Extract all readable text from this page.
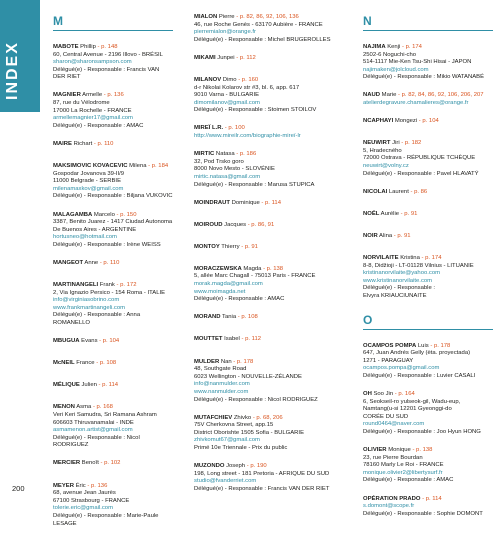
INDEX
200
M
MABOTE Phillip - p. 148
60, Central Avenue - 2196 Illovo - BRÉSIL
sharon@sharonsampson.com
Délégué(e) - Responsable : Francis VAN DER RIET
MAGNIER Armelle - p. 136
87, rue du Vélodrome
17000 La Rochelle - FRANCE
armellemagnier17@gmail.com
Délégué(e) - Responsable : AMAC
MAIRE Richart - p. 110
MAKSIMOVIC KOVACEVIC Milena - p. 184
Gospodar Jovanova 39-II/9
11000 Belgrade - SERBIE
milenamaxkov@gmail.com
Délégué(e) - Responsable : Biljana VUKOVIC
MALAGAMBA Marcelo - p. 150
3387, Benito Juarez - 1417 Ciudad Autonoma
De Buenos Aires - ARGENTINE
hortusneo@hotmail.com
Délégué(e) - Responsable : Irène WEISS
MANGEOT Anne - p. 110
MARTINANGELI Frank - p. 172
2, Via Ignazio Persico - 154 Roma - ITALIE
info@virginiasobrino.com
www.frankmartinangeli.com
Délégué(e) - Responsable : Anna ROMANELLO
MBUGUA Evans - p. 104
McNEIL France - p. 108
MÉLIQUE Julien - p. 114
MENON Asma - p. 168
Veri Keri Samudra, Sri Ramana Ashram
606603 Thiruvanamalai - INDE
asmamenon.artist@gmail.com
Délégué(e) - Responsable : Nicol RODRIGUEZ
MERCIER Benoît - p. 102
MEYER Éric - p. 136
68, avenue Jean Jaurès
67100 Strasbourg - FRANCE
tolerie.eric@gmail.com
Délégué(e) - Responsable : Marie-Paule LESAGE
MIALON Pierre - p. 82, 86, 92, 106, 136
46, rue Roche Genès - 63170 Aubière - FRANCE
pierremialon@orange.fr
Délégué(e) - Responsable : Michel BRUGEROLLES
MIKAMI Junpei - p. 112
MILANOV Dimo - p. 160
d-r Nikolai Kolarov str #3, bl. 6, app. 617
9010 Varna - BULGARIE
dimomilanov@gmail.com
Délégué(e) - Responsable : Stoimen STOILOV
MIREÏ L.R. - p. 100
http://www.mireilr.com/biographie-mireï-lr
MIRTIC Natasa - p. 186
32, Pod Trsko goro
8000 Novo Mesto - SLOVÉNIE
mirtic.natasa@gmail.com
Délégué(e) - Responsable : Marusa STUPICA
MOINDRAUT Dominique - p. 114
MOIROUD Jacques - p. 86, 91
MONTOY Thierry - p. 91
MORACZEWSKA Magda - p. 138
5, allée Marc Chagall - 75013 Paris - FRANCE
morak.magda@gmail.com
www.moimagda.net
Délégué(e) - Responsable : AMAC
MORAND Tania - p. 108
MOUTTET Isabel - p. 112
MULDER Nan - p. 178
48, Southgate Road
6023 Wellington - NOUVELLE-ZÉLANDE
info@nanmulder.com
www.nanmulder.com
Délégué(e) - Responsable : Nicol RODRIGUEZ
MUTAFCHIEV Zhivko - p. 68, 206
75V Cherkovna Street, app.15
District Oborishte 1505 Sofia - BULGARIE
zhivkomut67@gmail.com
Primé 10e Triennale - Prix du public
MUZONDO Joseph - p. 190
198, Long street - 181 Pretoria - AFRIQUE DU SUD
studio@fvanderriet.com
Délégué(e) - Responsable : Francis VAN DER RIET
N
NAJIMA Kenji - p. 174
2502-6 Noguchi-cho
514-1117 Mie-Ken Tsu-Shi Hisai - JAPON
najimaken@jolcloud.com
Délégué(e) - Responsable : Mikio WATANABÉ
NAUD Marie - p. 82, 84, 86, 92, 106, 206, 207
atelierdegravure.chamalieres@orange.fr
NCAPHAYI Mongezi - p. 104
NEUWIRT Jiri - p. 182
5, Hradecného
72000 Ostrava - RÉPUBLIQUE TCHÈQUE
neuwirt@volny.cz
Délégué(e) - Responsable : Pavel HLAVATÝ
NICOLAI Laurent - p. 86
NOËL Aurélie - p. 91
NOIR Alina - p. 91
NORVILAITE Kristina - p. 174
8-8, Didžioji - LT-01128 Vilnius - LITUANIE
kristinanorvilaite@yahoo.com
www.kristinanorvilaite.com
Délégué(e) - Responsable :
Elvyra KRIAUCIUNAITE
O
OCAMPOS POMPA Luis - p. 178
647, Juan Andrés Gelly (èta. proyectada)
1271 - PARAGUAY
ocampos.pompa@gmail.com
Délégué(e) - Responsable : Luvier CASALI
OH Soo Jin - p. 164
6, Seokseil-ro yulseok-gil, Wadu-eup,
Namtang(u-si 12201 Gyeonggi-do
CORÉE DU SUD
round0464@naver.com
Délégué(e) - Responsable : Joo Hyun HONG
OLIVIER Monique - p. 138
23, rue Pierre Bourdan
78160 Marly Le Roi - FRANCE
monique.olivier2@libertysurf.fr
Délégué(e) - Responsable : AMAC
OPÉRATION PRADO - p. 114
s.domont@scope.fr
Délégué(e) - Responsable : Sophie DOMONT
